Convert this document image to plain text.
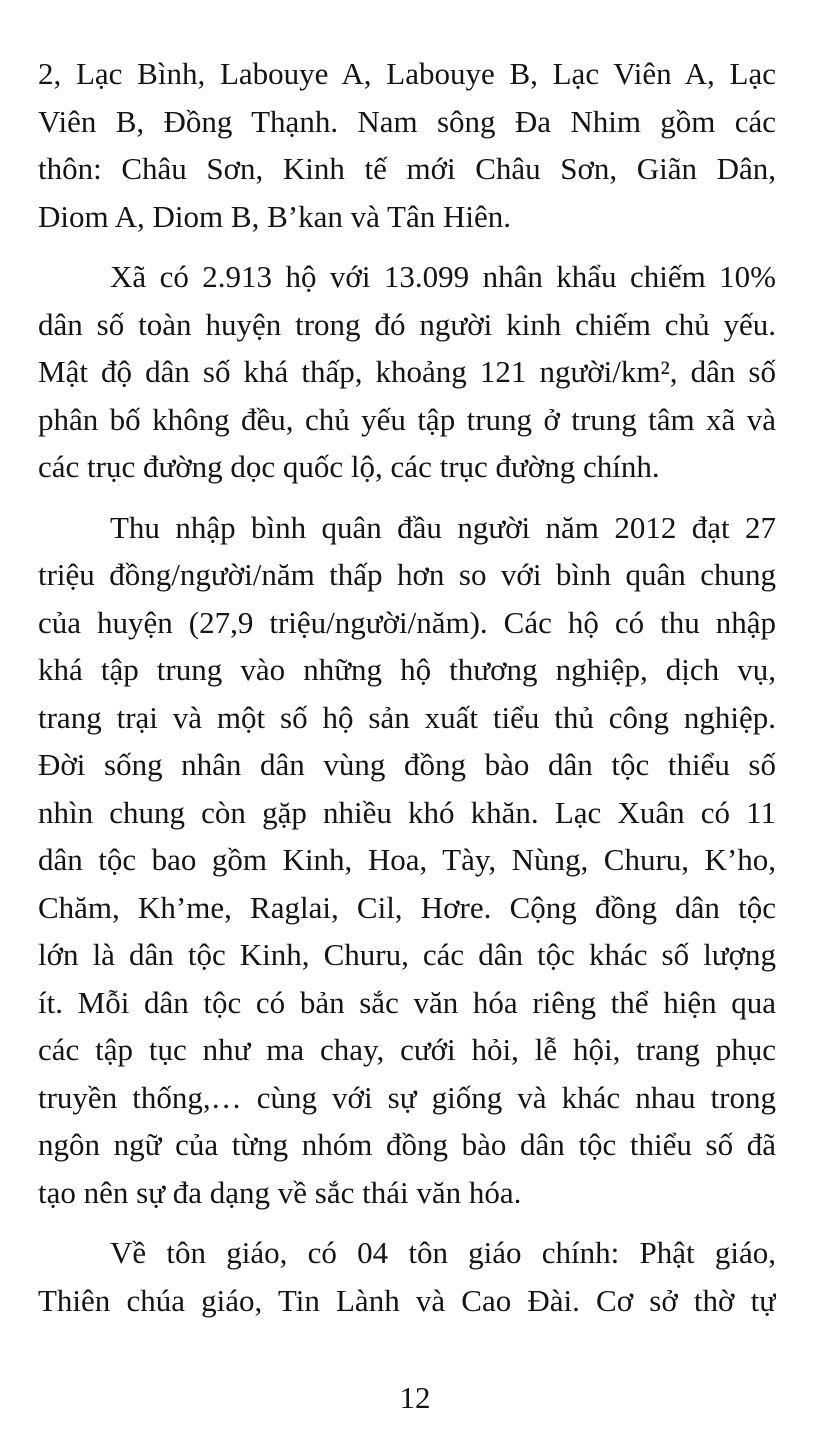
2, Lạc Bình, Labouye A, Labouye B, Lạc Viên A, Lạc
Viên B, Đồng Thạnh. Nam sông Đa Nhim gồm các
thôn: Châu Sơn, Kinh tế mới Châu Sơn, Giãn Dân,
Diom A, Diom B, B’kan và Tân Hiên.
Xã có 2.913 hộ với 13.099 nhân khẩu chiếm 10%
dân số toàn huyện trong đó người kinh chiếm chủ yếu.
Mật độ dân số khá thấp, khoảng 121 người/km², dân số
phân bố không đều, chủ yếu tập trung ở trung tâm xã và
các trục đường dọc quốc lộ, các trục đường chính.
Thu nhập bình quân đầu người năm 2012 đạt 27
triệu đồng/người/năm thấp hơn so với bình quân chung
của huyện (27,9 triệu/người/năm). Các hộ có thu nhập
khá tập trung vào những hộ thương nghiệp, dịch vụ,
trang trại và một số hộ sản xuất tiểu thủ công nghiệp.
Đời sống nhân dân vùng đồng bào dân tộc thiểu số
nhìn chung còn gặp nhiều khó khăn. Lạc Xuân có 11
dân tộc bao gồm Kinh, Hoa, Tày, Nùng, Churu, K’ho,
Chăm, Kh’me, Raglai, Cil, Hơre. Cộng đồng dân tộc
lớn là dân tộc Kinh, Churu, các dân tộc khác số lượng
ít. Mỗi dân tộc có bản sắc văn hóa riêng thể hiện qua
các tập tục như ma chay, cưới hỏi, lễ hội, trang phục
truyền thống,… cùng với sự giống và khác nhau trong
ngôn ngữ của từng nhóm đồng bào dân tộc thiểu số đã
tạo nên sự đa dạng về sắc thái văn hóa.
Về tôn giáo, có 04 tôn giáo chính: Phật giáo,
Thiên chúa giáo, Tin Lành và Cao Đài. Cơ sở thờ tự
12
